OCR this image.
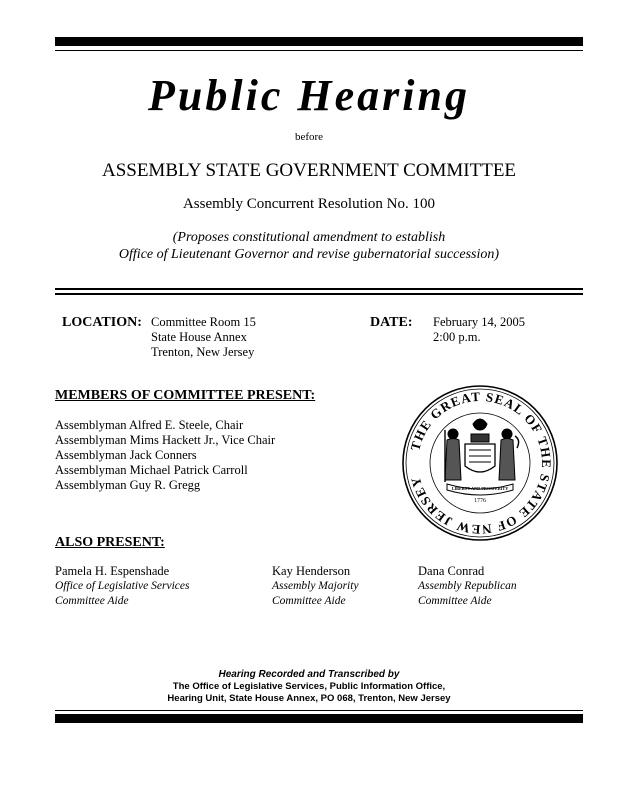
Public Hearing
before
ASSEMBLY STATE GOVERNMENT COMMITTEE
Assembly Concurrent Resolution No. 100
(Proposes constitutional amendment to establish
Office of Lieutenant Governor and revise gubernatorial succession)
LOCATION: Committee Room 15
State House Annex
Trenton, New Jersey
DATE: February 14, 2005
2:00 p.m.
MEMBERS OF COMMITTEE PRESENT:
Assemblyman Alfred E. Steele, Chair
Assemblyman Mims Hackett Jr., Vice Chair
Assemblyman Jack Conners
Assemblyman Michael Patrick Carroll
Assemblyman Guy R. Gregg
THE GREAT SEAL OF THE STATE OF NEW JERSEY	LIBERTY AND PROSPERITY
1776
ALSO PRESENT:
Pamela H. Espenshade
Office of Legislative Services
Committee Aide
Kay Henderson
Assembly Majority
Committee Aide
Dana Conrad
Assembly Republican
Committee Aide
Hearing Recorded and Transcribed by
The Office of Legislative Services, Public Information Office,
Hearing Unit, State House Annex, PO 068, Trenton, New Jersey
